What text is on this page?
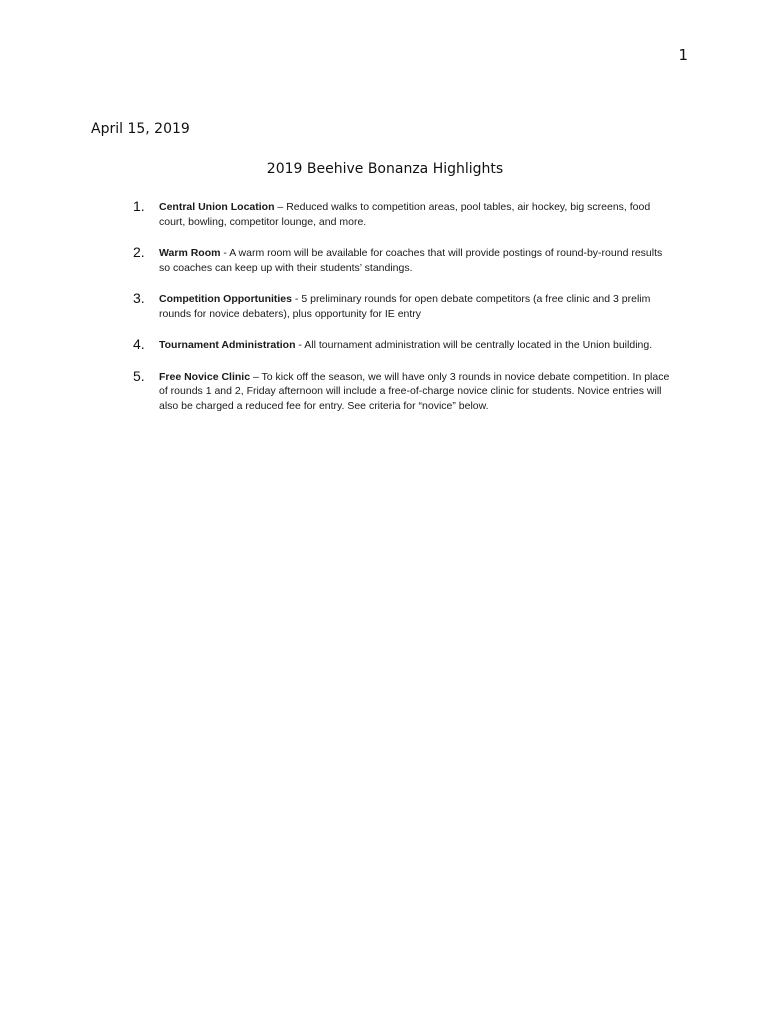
1
April 15, 2019
2019 Beehive Bonanza Highlights
1.	Central Union Location – Reduced walks to competition areas, pool tables, air hockey, big screens, food court, bowling, competitor lounge, and more.
2.	Warm Room - A warm room will be available for coaches that will provide postings of round-by-round results so coaches can keep up with their students’ standings.
3.	Competition Opportunities - 5 preliminary rounds for open debate competitors (a free clinic and 3 prelim rounds for novice debaters), plus opportunity for IE entry
4.	Tournament Administration - All tournament administration will be centrally located in the Union building.
5.	Free Novice Clinic – To kick off the season, we will have only 3 rounds in novice debate competition. In place of rounds 1 and 2, Friday afternoon will include a free-of-charge novice clinic for students. Novice entries will also be charged a reduced fee for entry. See criteria for “novice” below.
